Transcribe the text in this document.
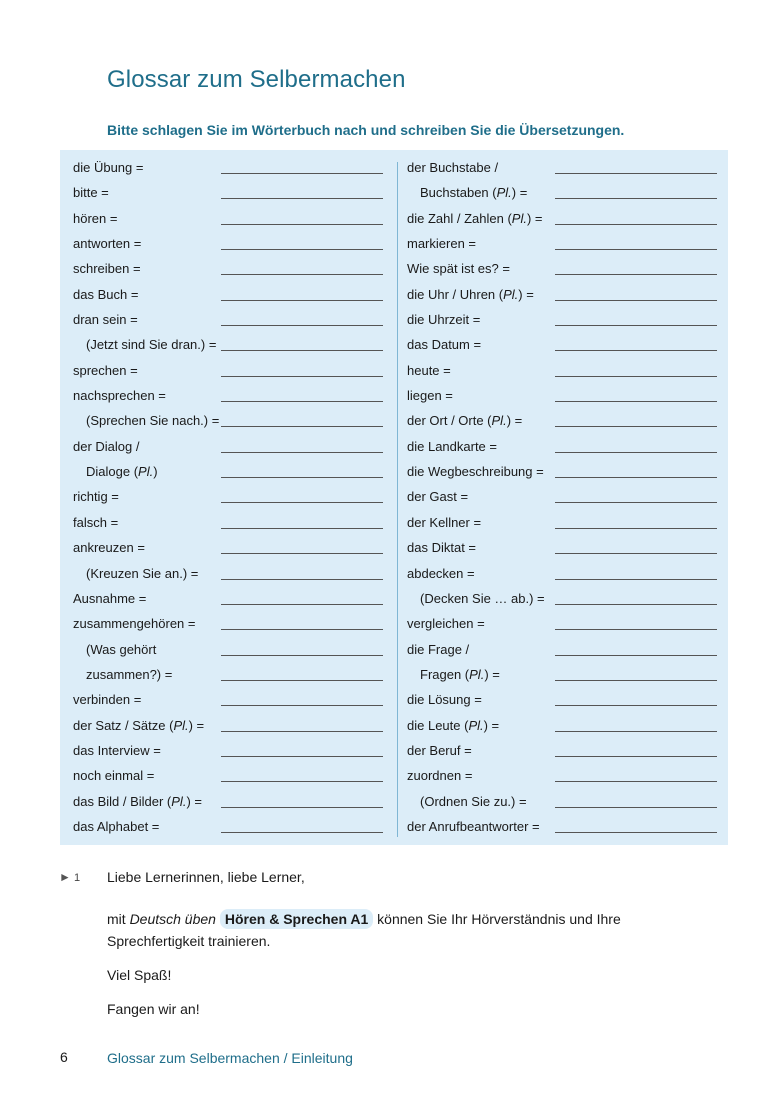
Glossar zum Selbermachen
Bitte schlagen Sie im Wörterbuch nach und schreiben Sie die Übersetzungen.
die Übung =
bitte =
hören =
antworten =
schreiben =
das Buch =
dran sein =
(Jetzt sind Sie dran.) =
sprechen =
nachsprechen =
(Sprechen Sie nach.) =
der Dialog /
Dialoge (Pl.)
richtig =
falsch =
ankreuzen =
(Kreuzen Sie an.) =
Ausnahme =
zusammengehören =
(Was gehört
zusammen?) =
verbinden =
der Satz / Sätze (Pl.) =
das Interview =
noch einmal =
das Bild / Bilder (Pl.) =
das Alphabet =
der Buchstabe /
Buchstaben (Pl.) =
die Zahl / Zahlen (Pl.) =
markieren =
Wie spät ist es? =
die Uhr / Uhren (Pl.) =
die Uhrzeit =
das Datum =
heute =
liegen =
der Ort / Orte (Pl.) =
die Landkarte =
die Wegbeschreibung =
der Gast =
der Kellner =
das Diktat =
abdecken =
(Decken Sie … ab.) =
vergleichen =
die Frage /
Fragen (Pl.) =
die Lösung =
die Leute (Pl.) =
der Beruf =
zuordnen =
(Ordnen Sie zu.) =
der Anrufbeantworter =
► 1 Liebe Lernerinnen, liebe Lerner,

mit Deutsch üben Hören & Sprechen A1 können Sie Ihr Hörverständnis und Ihre Sprechfertigkeit trainieren.

Viel Spaß!

Fangen wir an!

6	Glossar zum Selbermachen / Einleitung
